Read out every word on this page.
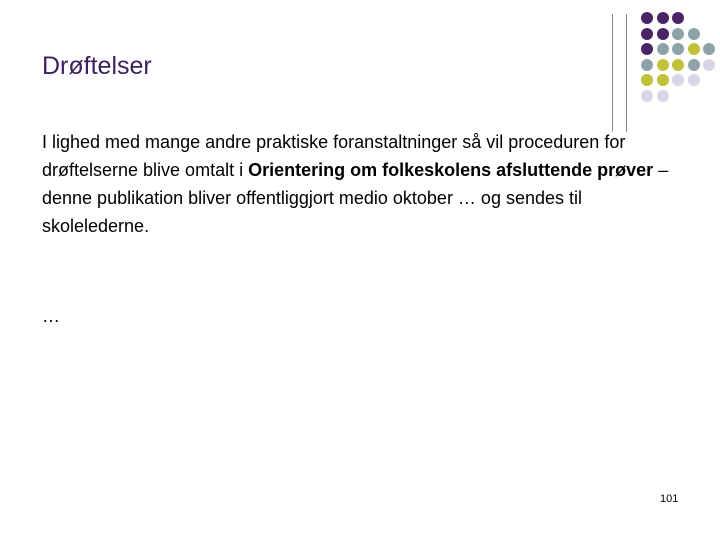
Drøftelser

I lighed med mange andre praktiske foranstaltninger så vil proceduren for drøftelserne blive omtalt i Orientering om folkeskolens afsluttende prøver – denne publikation bliver offentliggjort medio oktober … og sendes til skolelederne.

…
101
